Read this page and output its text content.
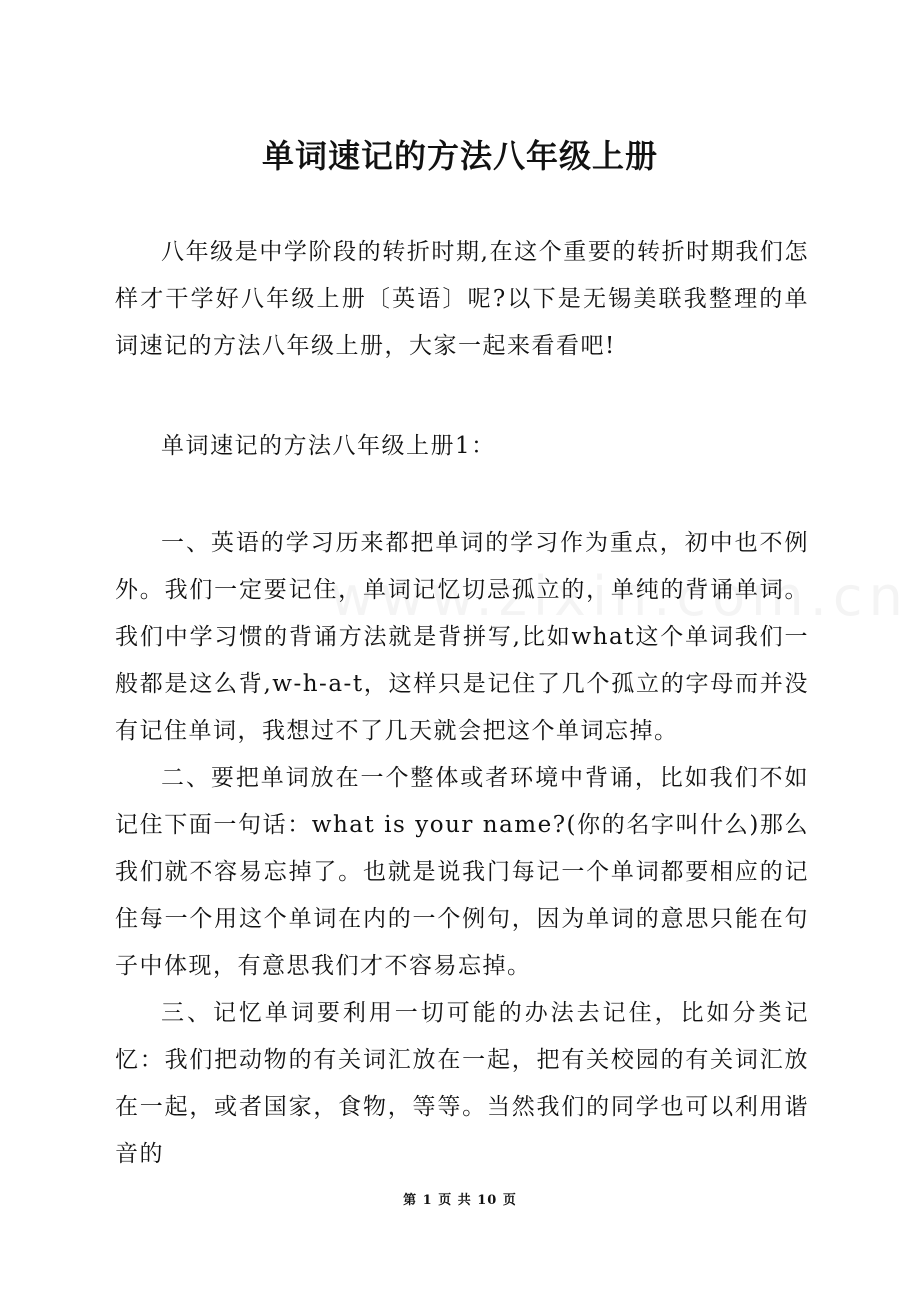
单词速记的方法八年级上册

八年级是中学阶段的转折时期,在这个重要的转折时期我们怎样才干学好八年级上册〔英语〕呢?以下是无锡美联我整理的单词速记的方法八年级上册，大家一起来看看吧!

单词速记的方法八年级上册1：

一、英语的学习历来都把单词的学习作为重点，初中也不例外。我们一定要记住，单词记忆切忌孤立的，单纯的背诵单词。我们中学习惯的背诵方法就是背拼写,比如what这个单词我们一般都是这么背,w-h-a-t，这样只是记住了几个孤立的字母而并没有记住单词，我想过不了几天就会把这个单词忘掉。

二、要把单词放在一个整体或者环境中背诵，比如我们不如记住下面一句话：what is your name?(你的名字叫什么)那么我们就不容易忘掉了。也就是说我门每记一个单词都要相应的记住每一个用这个单词在内的一个例句，因为单词的意思只能在句子中体现，有意思我们才不容易忘掉。

三、记忆单词要利用一切可能的办法去记住，比如分类记忆：我们把动物的有关词汇放在一起，把有关校园的有关词汇放在一起，或者国家，食物，等等。当然我们的同学也可以利用谐音的

第 1 页 共 10 页
